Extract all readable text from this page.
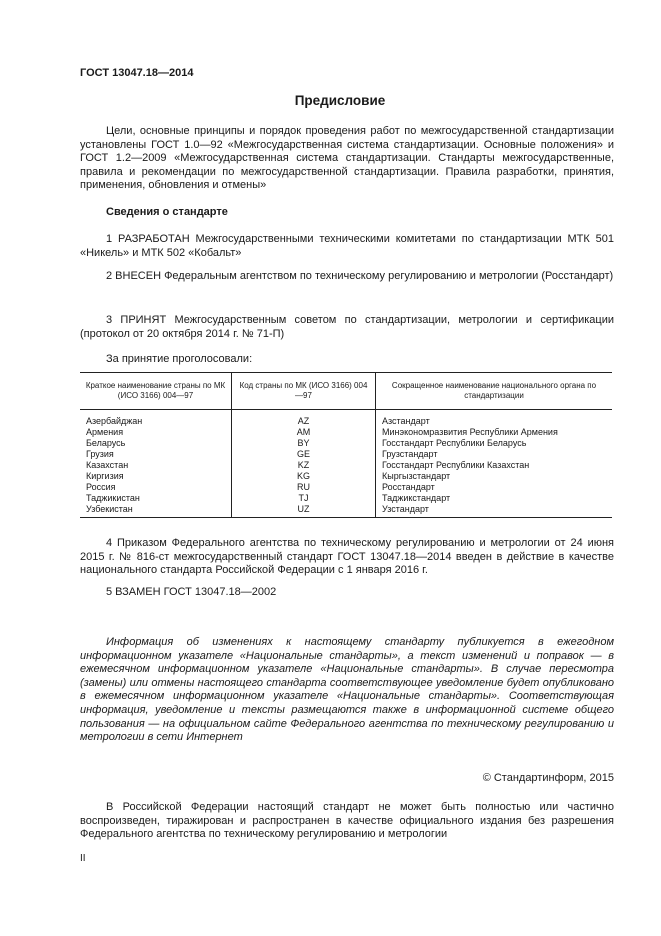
ГОСТ 13047.18—2014
Предисловие

Цели, основные принципы и порядок проведения работ по межгосударственной стандартизации установлены ГОСТ 1.0—92 «Межгосударственная система стандартизации. Основные положения» и ГОСТ 1.2—2009 «Межгосударственная система стандартизации. Стандарты межгосударственные, правила и рекомендации по межгосударственной стандартизации. Правила разработки, принятия, применения, обновления и отмены»

Сведения о стандарте

1 РАЗРАБОТАН Межгосударственными техническими комитетами по стандартизации МТК 501 «Никель» и МТК 502 «Кобальт»

2 ВНЕСЕН Федеральным агентством по техническому регулированию и метрологии (Росстандарт)

3 ПРИНЯТ Межгосударственным советом по стандартизации, метрологии и сертификации (протокол от 20 октября 2014 г. № 71-П)

За принятие проголосовали:
Краткое наименование страны по МК (ИСО 3166) 004—97	Код страны по МК (ИСО 3166) 004—97	Сокращенное наименование национального органа по стандартизации
Азербайджан	AZ	Азстандарт
Армения	AM	Минэкономразвития Республики Армения
Беларусь	BY	Госстандарт Республики Беларусь
Грузия	GE	Грузстандарт
Казахстан	KZ	Госстандарт Республики Казахстан
Киргизия	KG	Кыргызстандарт
Россия	RU	Росстандарт
Таджикистан	TJ	Таджикстандарт
Узбекистан	UZ	Узстандарт

4 Приказом Федерального агентства по техническому регулированию и метрологии от 24 июня 2015 г. № 816-ст межгосударственный стандарт ГОСТ 13047.18—2014 введен в действие в качестве национального стандарта Российской Федерации с 1 января 2016 г.

5 ВЗАМЕН ГОСТ 13047.18—2002

Информация об изменениях к настоящему стандарту публикуется в ежегодном информационном указателе «Национальные стандарты», а текст изменений и поправок — в ежемесячном информационном указателе «Национальные стандарты». В случае пересмотра (замены) или отмены настоящего стандарта соответствующее уведомление будет опубликовано в ежемесячном информационном указателе «Национальные стандарты». Соответствующая информация, уведомление и тексты размещаются также в информационной системе общего пользования — на официальном сайте Федерального агентства по техническому регулированию и метрологии в сети Интернет

© Стандартинформ, 2015

В Российской Федерации настоящий стандарт не может быть полностью или частично воспроизведен, тиражирован и распространен в качестве официального издания без разрешения Федерального агентства по техническому регулированию и метрологии

II
